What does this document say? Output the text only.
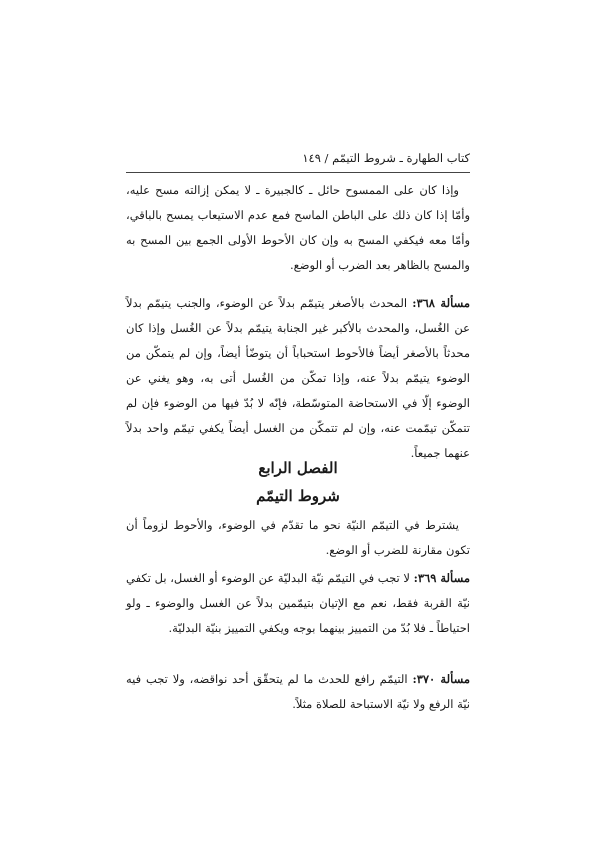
كتاب الطهارة ـ شروط التيمّم / ١٤٩

وإذا كان على الممسوح حائل ـ كالجبيرة ـ لا يمكن إزالته مسح عليه، وأمّا إذا كان ذلك على الباطن الماسح فمع عدم الاستيعاب يمسح بالباقي، وأمّا معه فيكفي المسح به وإن كان الأحوط الأولى الجمع بين المسح به والمسح بالظاهر بعد الضرب أو الوضع.

مسألة ٣٦٨: المحدث بالأصغر يتيمّم بدلاً عن الوضوء، والجنب يتيمّم بدلاً عن الغُسل، والمحدث بالأكبر غير الجنابة يتيمّم بدلاً عن الغُسل وإذا كان محدثاً بالأصغر أيضاً فالأحوط استحباباً أن يتوضّأ أيضاً، وإن لم يتمكّن من الوضوء يتيمّم بدلاً عنه، وإذا تمكّن من الغُسل أتى به، وهو يغني عن الوضوء إلّا في الاستحاضة المتوسّطة، فإنّه لا بُدّ فيها من الوضوء فإن لم تتمكّن تيمّمت عنه، وإن لم تتمكّن من الغسل أيضاً يكفي تيمّم واحد بدلاً عنهما جميعاً.

الفصل الرابع
شروط التيمّم

يشترط في التيمّم النيّة نحو ما تقدّم في الوضوء، والأحوط لزوماً أن تكون مقارنة للضرب أو الوضع.

مسألة ٣٦٩: لا تجب في التيمّم نيّة البدليّة عن الوضوء أو الغسل، بل تكفي نيّة القربة فقط، نعم مع الإتيان بتيمّمين بدلاً عن الغسل والوضوء ـ ولو احتياطاً ـ فلا بُدّ من التمييز بينهما بوجه ويكفي التمييز بنيّة البدليّة.

مسألة ٣٧٠: التيمّم رافع للحدث ما لم يتحقّق أحد نواقضه، ولا تجب فيه نيّة الرفع ولا نيّة الاستباحة للصلاة مثلاً.
